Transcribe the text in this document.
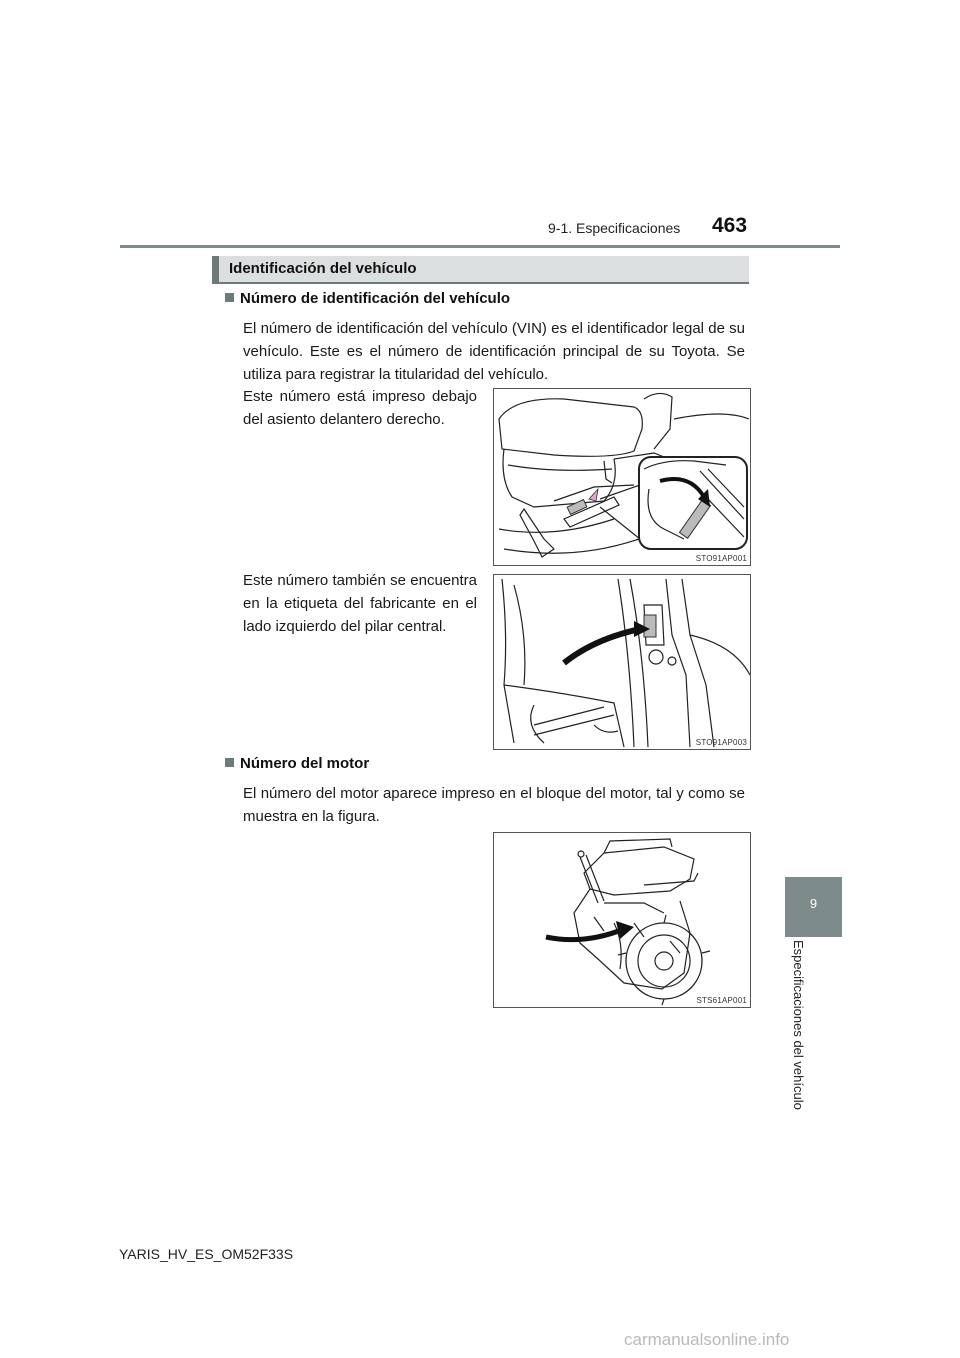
9-1. Especificaciones 463
9
Especificaciones del vehículo
Identificación del vehículo
Número de identificación del vehículo

El número de identificación del vehículo (VIN) es el identificador legal de su vehículo. Este es el número de identificación principal de su Toyota. Se utiliza para registrar la titularidad del vehículo.

Este número está impreso debajo del asiento delantero derecho.

STO91AP001

Este número también se encuentra en la etiqueta del fabricante en el lado izquierdo del pilar central.

STO91AP003
Número del motor

El número del motor aparece impreso en el bloque del motor, tal y como se muestra en la figura.

STS61AP001
YARIS_HV_ES_OM52F33S
carmanualsonline.info
